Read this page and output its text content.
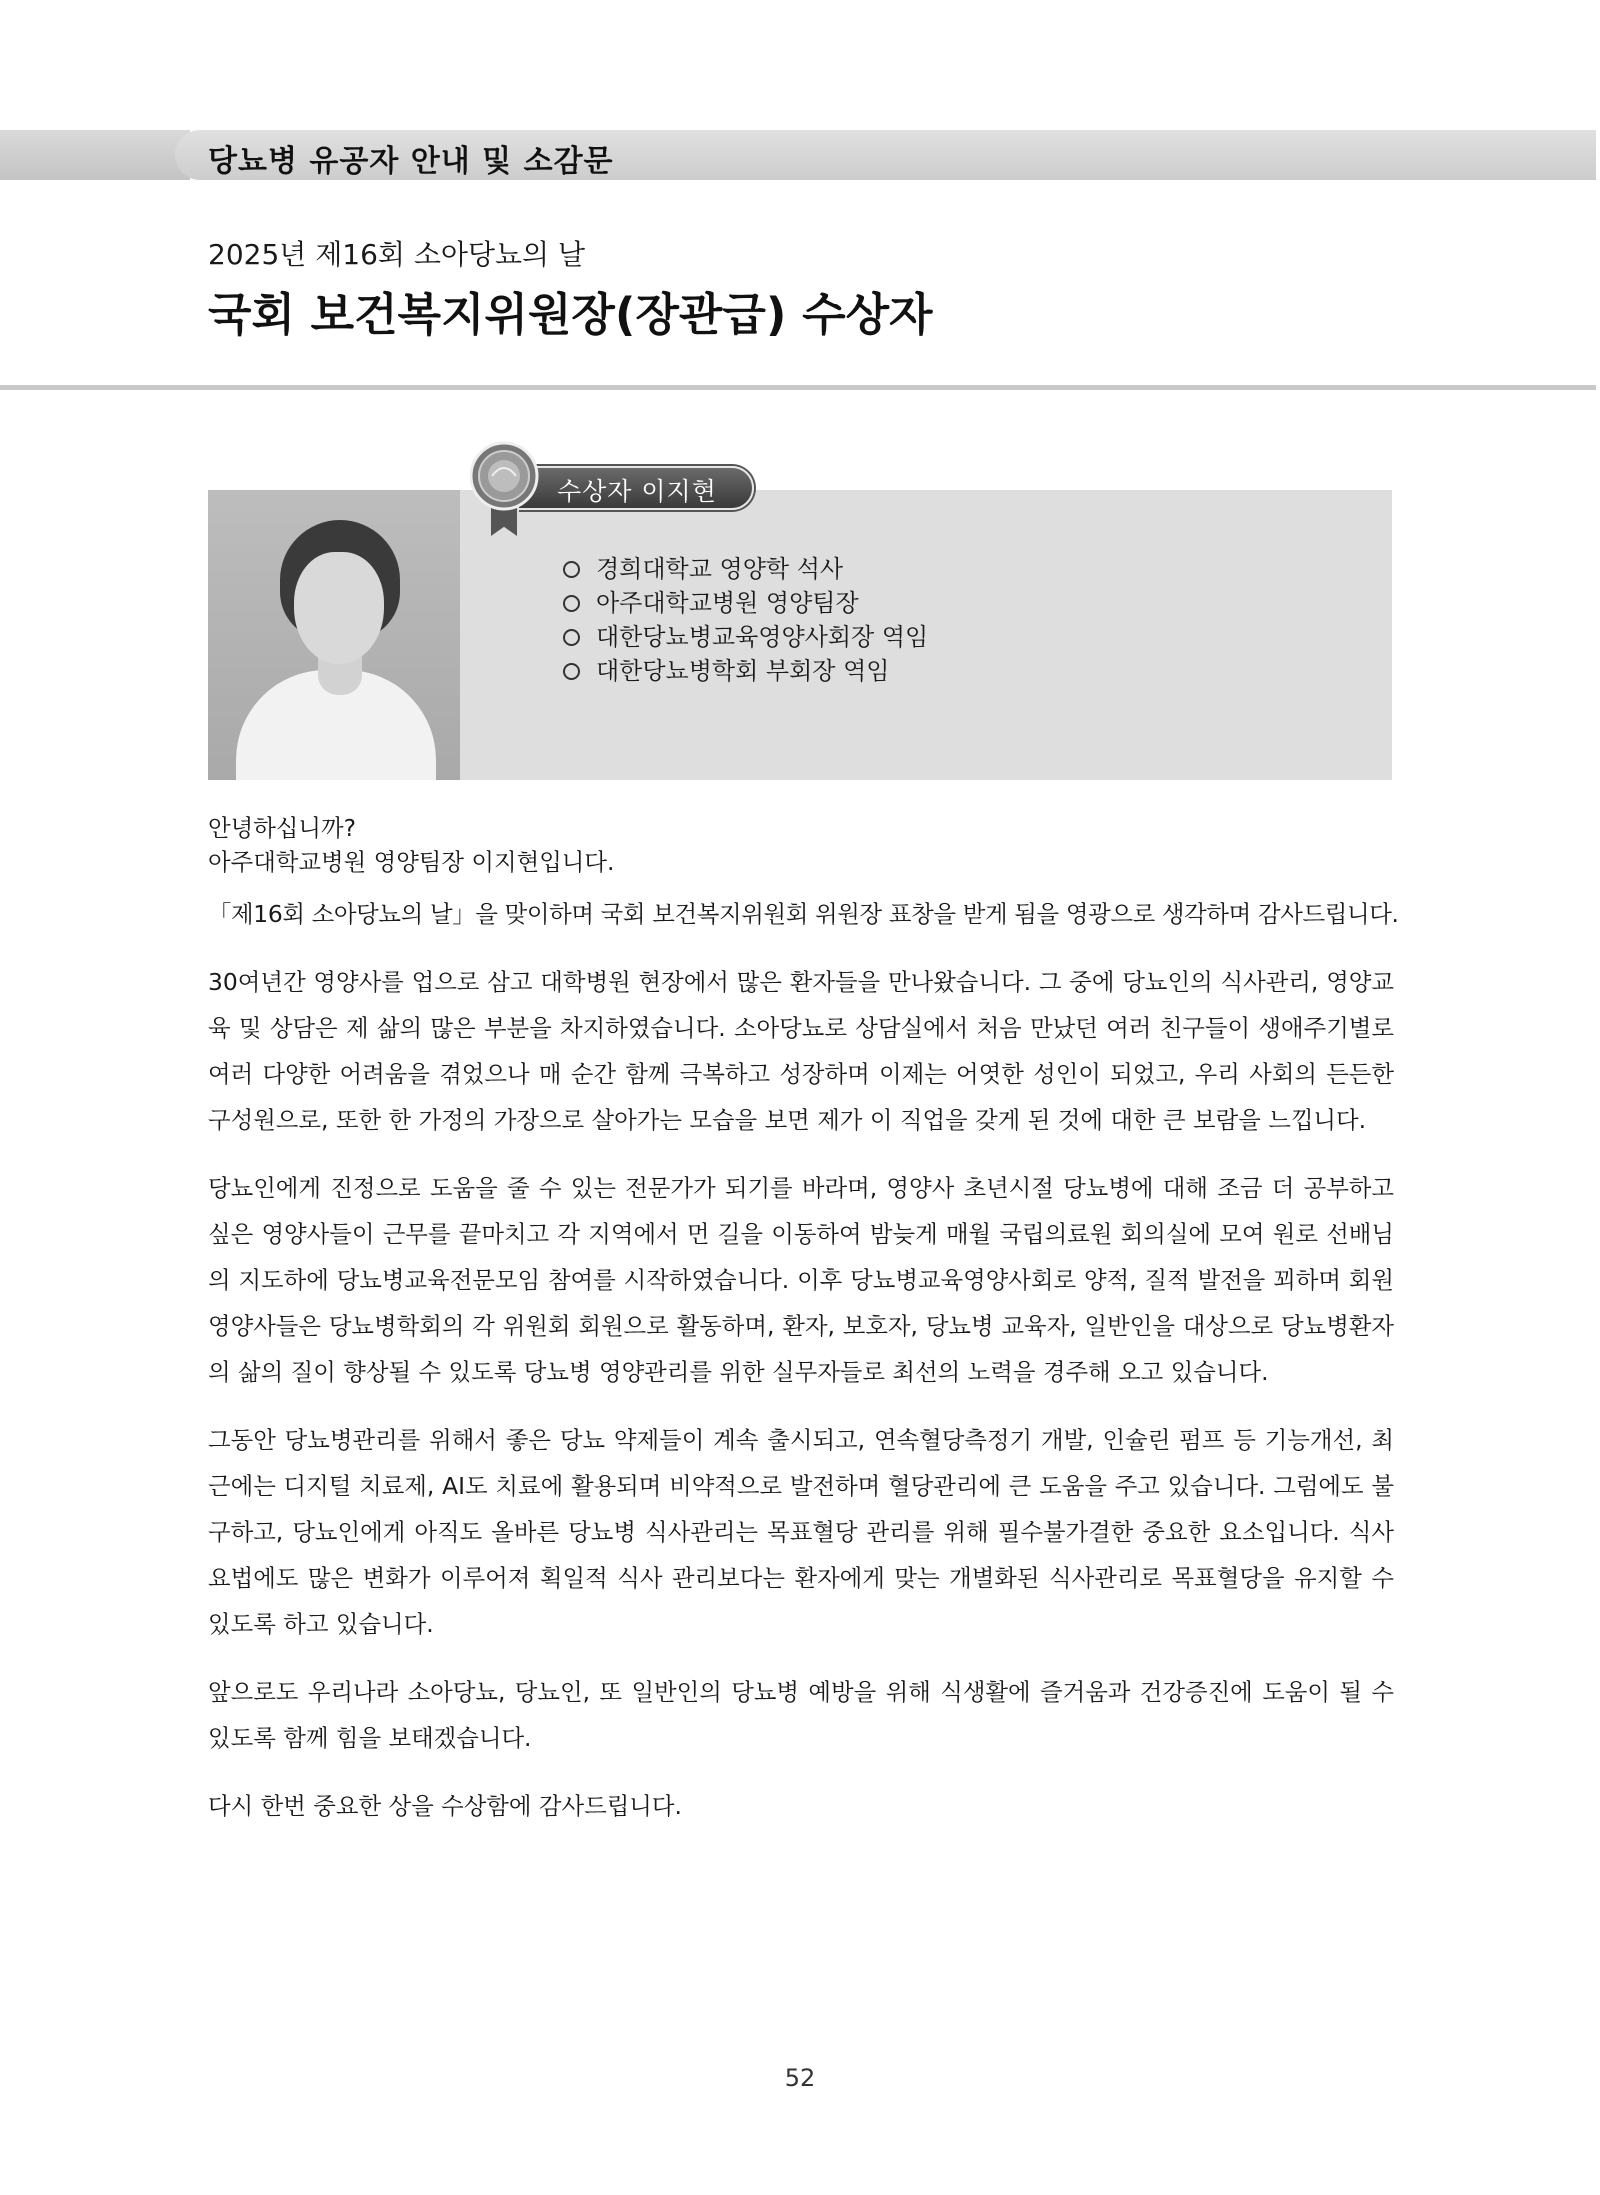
당뇨병 유공자 안내 및 소감문
2025년 제16회 소아당뇨의 날
국회 보건복지위원장(장관급) 수상자
수상자 이지현
경희대학교 영양학 석사
아주대학교병원 영양팀장
대한당뇨병교육영양사회장 역임
대한당뇨병학회 부회장 역임

안녕하십니까?

아주대학교병원 영양팀장 이지현입니다.

「제16회 소아당뇨의 날」을 맞이하며 국회 보건복지위원회 위원장 표창을 받게 됨을 영광으로 생각하며 감사드립니다.

30여년간 영양사를 업으로 삼고 대학병원 현장에서 많은 환자들을 만나왔습니다. 그 중에 당뇨인의 식사관리, 영양교육 및 상담은 제 삶의 많은 부분을 차지하였습니다. 소아당뇨로 상담실에서 처음 만났던 여러 친구들이 생애주기별로 여러 다양한 어려움을 겪었으나 매 순간 함께 극복하고 성장하며 이제는 어엿한 성인이 되었고, 우리 사회의 든든한 구성원으로, 또한 한 가정의 가장으로 살아가는 모습을 보면 제가 이 직업을 갖게 된 것에 대한 큰 보람을 느낍니다.

당뇨인에게 진정으로 도움을 줄 수 있는 전문가가 되기를 바라며, 영양사 초년시절 당뇨병에 대해 조금 더 공부하고 싶은 영양사들이 근무를 끝마치고 각 지역에서 먼 길을 이동하여 밤늦게 매월 국립의료원 회의실에 모여 원로 선배님의 지도하에 당뇨병교육전문모임 참여를 시작하였습니다. 이후 당뇨병교육영양사회로 양적, 질적 발전을 꾀하며 회원 영양사들은 당뇨병학회의 각 위원회 회원으로 활동하며, 환자, 보호자, 당뇨병 교육자, 일반인을 대상으로 당뇨병환자의 삶의 질이 향상될 수 있도록 당뇨병 영양관리를 위한 실무자들로 최선의 노력을 경주해 오고 있습니다.

그동안 당뇨병관리를 위해서 좋은 당뇨 약제들이 계속 출시되고, 연속혈당측정기 개발, 인슐린 펌프 등 기능개선, 최근에는 디지털 치료제, AI도 치료에 활용되며 비약적으로 발전하며 혈당관리에 큰 도움을 주고 있습니다. 그럼에도 불구하고, 당뇨인에게 아직도 올바른 당뇨병 식사관리는 목표혈당 관리를 위해 필수불가결한 중요한 요소입니다. 식사요법에도 많은 변화가 이루어져 획일적 식사 관리보다는 환자에게 맞는 개별화된 식사관리로 목표혈당을 유지할 수 있도록 하고 있습니다.

앞으로도 우리나라 소아당뇨, 당뇨인, 또 일반인의 당뇨병 예방을 위해 식생활에 즐거움과 건강증진에 도움이 될 수 있도록 함께 힘을 보태겠습니다.

다시 한번 중요한 상을 수상함에 감사드립니다.

52
